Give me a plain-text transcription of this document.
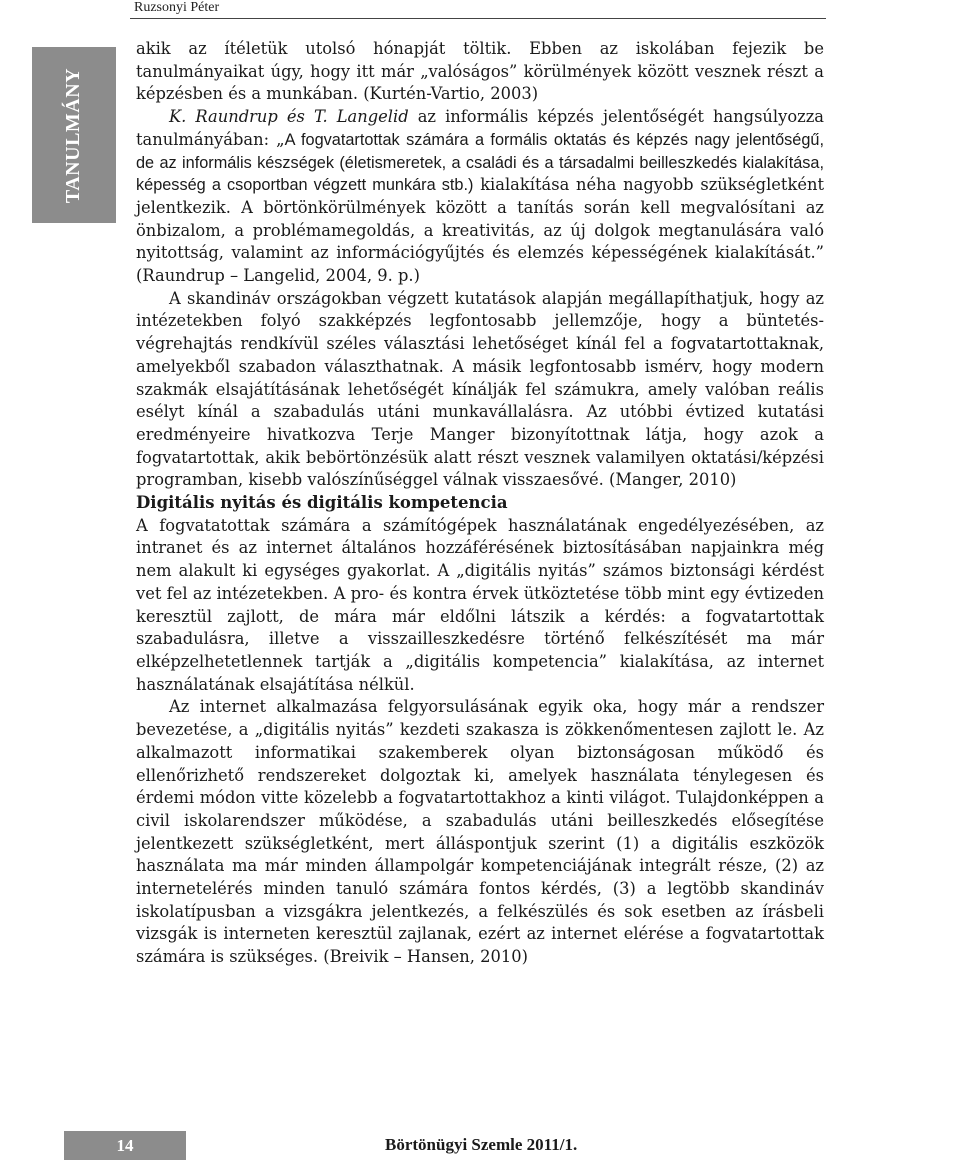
Ruzsonyi Péter
TANULMÁNY

akik az ítéletük utolsó hónapját töltik. Ebben az iskolában fejezik be tanulmányaikat úgy, hogy itt már „valóságos” körülmények között vesznek részt a képzésben és a munkában. (Kurtén-Vartio, 2003)

K. Raundrup és T. Langelid az informális képzés jelentőségét hangsúlyozza tanulmányában: „A fogvatartottak számára a formális oktatás és képzés nagy jelentőségű, de az informális készségek (életismeretek, a családi és a társadalmi beilleszkedés kialakítása, képesség a csoportban végzett munkára stb.) kialakítása néha nagyobb szükségletként jelentkezik. A börtönkörülmények között a tanítás során kell megvalósítani az önbizalom, a problémamegoldás, a kreativitás, az új dolgok megtanulására való nyitottság, valamint az információgyűjtés és elemzés képességének kialakítását.” (Raundrup – Langelid, 2004, 9. p.)

A skandináv országokban végzett kutatások alapján megállapíthatjuk, hogy az intézetekben folyó szakképzés legfontosabb jellemzője, hogy a büntetés-végrehajtás rendkívül széles választási lehetőséget kínál fel a fogvatartottaknak, amelyekből szabadon választhatnak. A másik legfontosabb ismérv, hogy modern szakmák elsajátításának lehetőségét kínálják fel számukra, amely valóban reális esélyt kínál a szabadulás utáni munkavállalásra. Az utóbbi évtized kutatási eredményeire hivatkozva Terje Manger bizonyítottnak látja, hogy azok a fogvatartottak, akik bebörtönzésük alatt részt vesznek valamilyen oktatási/képzési programban, kisebb valószínűséggel válnak visszaesővé. (Manger, 2010)

Digitális nyitás és digitális kompetencia

A fogvatatottak számára a számítógépek használatának engedélyezésében, az intranet és az internet általános hozzáférésének biztosításában napjainkra még nem alakult ki egységes gyakorlat. A „digitális nyitás” számos biztonsági kérdést vet fel az intézetekben. A pro- és kontra érvek ütköztetése több mint egy évtizeden keresztül zajlott, de mára már eldőlni látszik a kérdés: a fogvatartottak szabadulásra, illetve a visszailleszkedésre történő felkészítését ma már elképzelhetetlennek tartják a „digitális kompetencia” kialakítása, az internet használatának elsajátítása nélkül.

Az internet alkalmazása felgyorsulásának egyik oka, hogy már a rendszer bevezetése, a „digitális nyitás” kezdeti szakasza is zökkenőmentesen zajlott le. Az alkalmazott informatikai szakemberek olyan biztonságosan működő és ellenőrizhető rendszereket dolgoztak ki, amelyek használata ténylegesen és érdemi módon vitte közelebb a fogvatartottakhoz a kinti világot. Tulajdonképpen a civil iskolarendszer működése, a szabadulás utáni beilleszkedés elősegítése jelentkezett szükségletként, mert álláspontjuk szerint (1) a digitális eszközök használata ma már minden állampolgár kompetenciájának integrált része, (2) az internetelérés minden tanuló számára fontos kérdés, (3) a legtöbb skandináv iskolatípusban a vizsgákra jelentkezés, a felkészülés és sok esetben az írásbeli vizsgák is interneten keresztül zajlanak, ezért az internet elérése a fogvatartottak számára is szükséges. (Breivik – Hansen, 2010)

14	Börtönügyi Szemle 2011/1.
